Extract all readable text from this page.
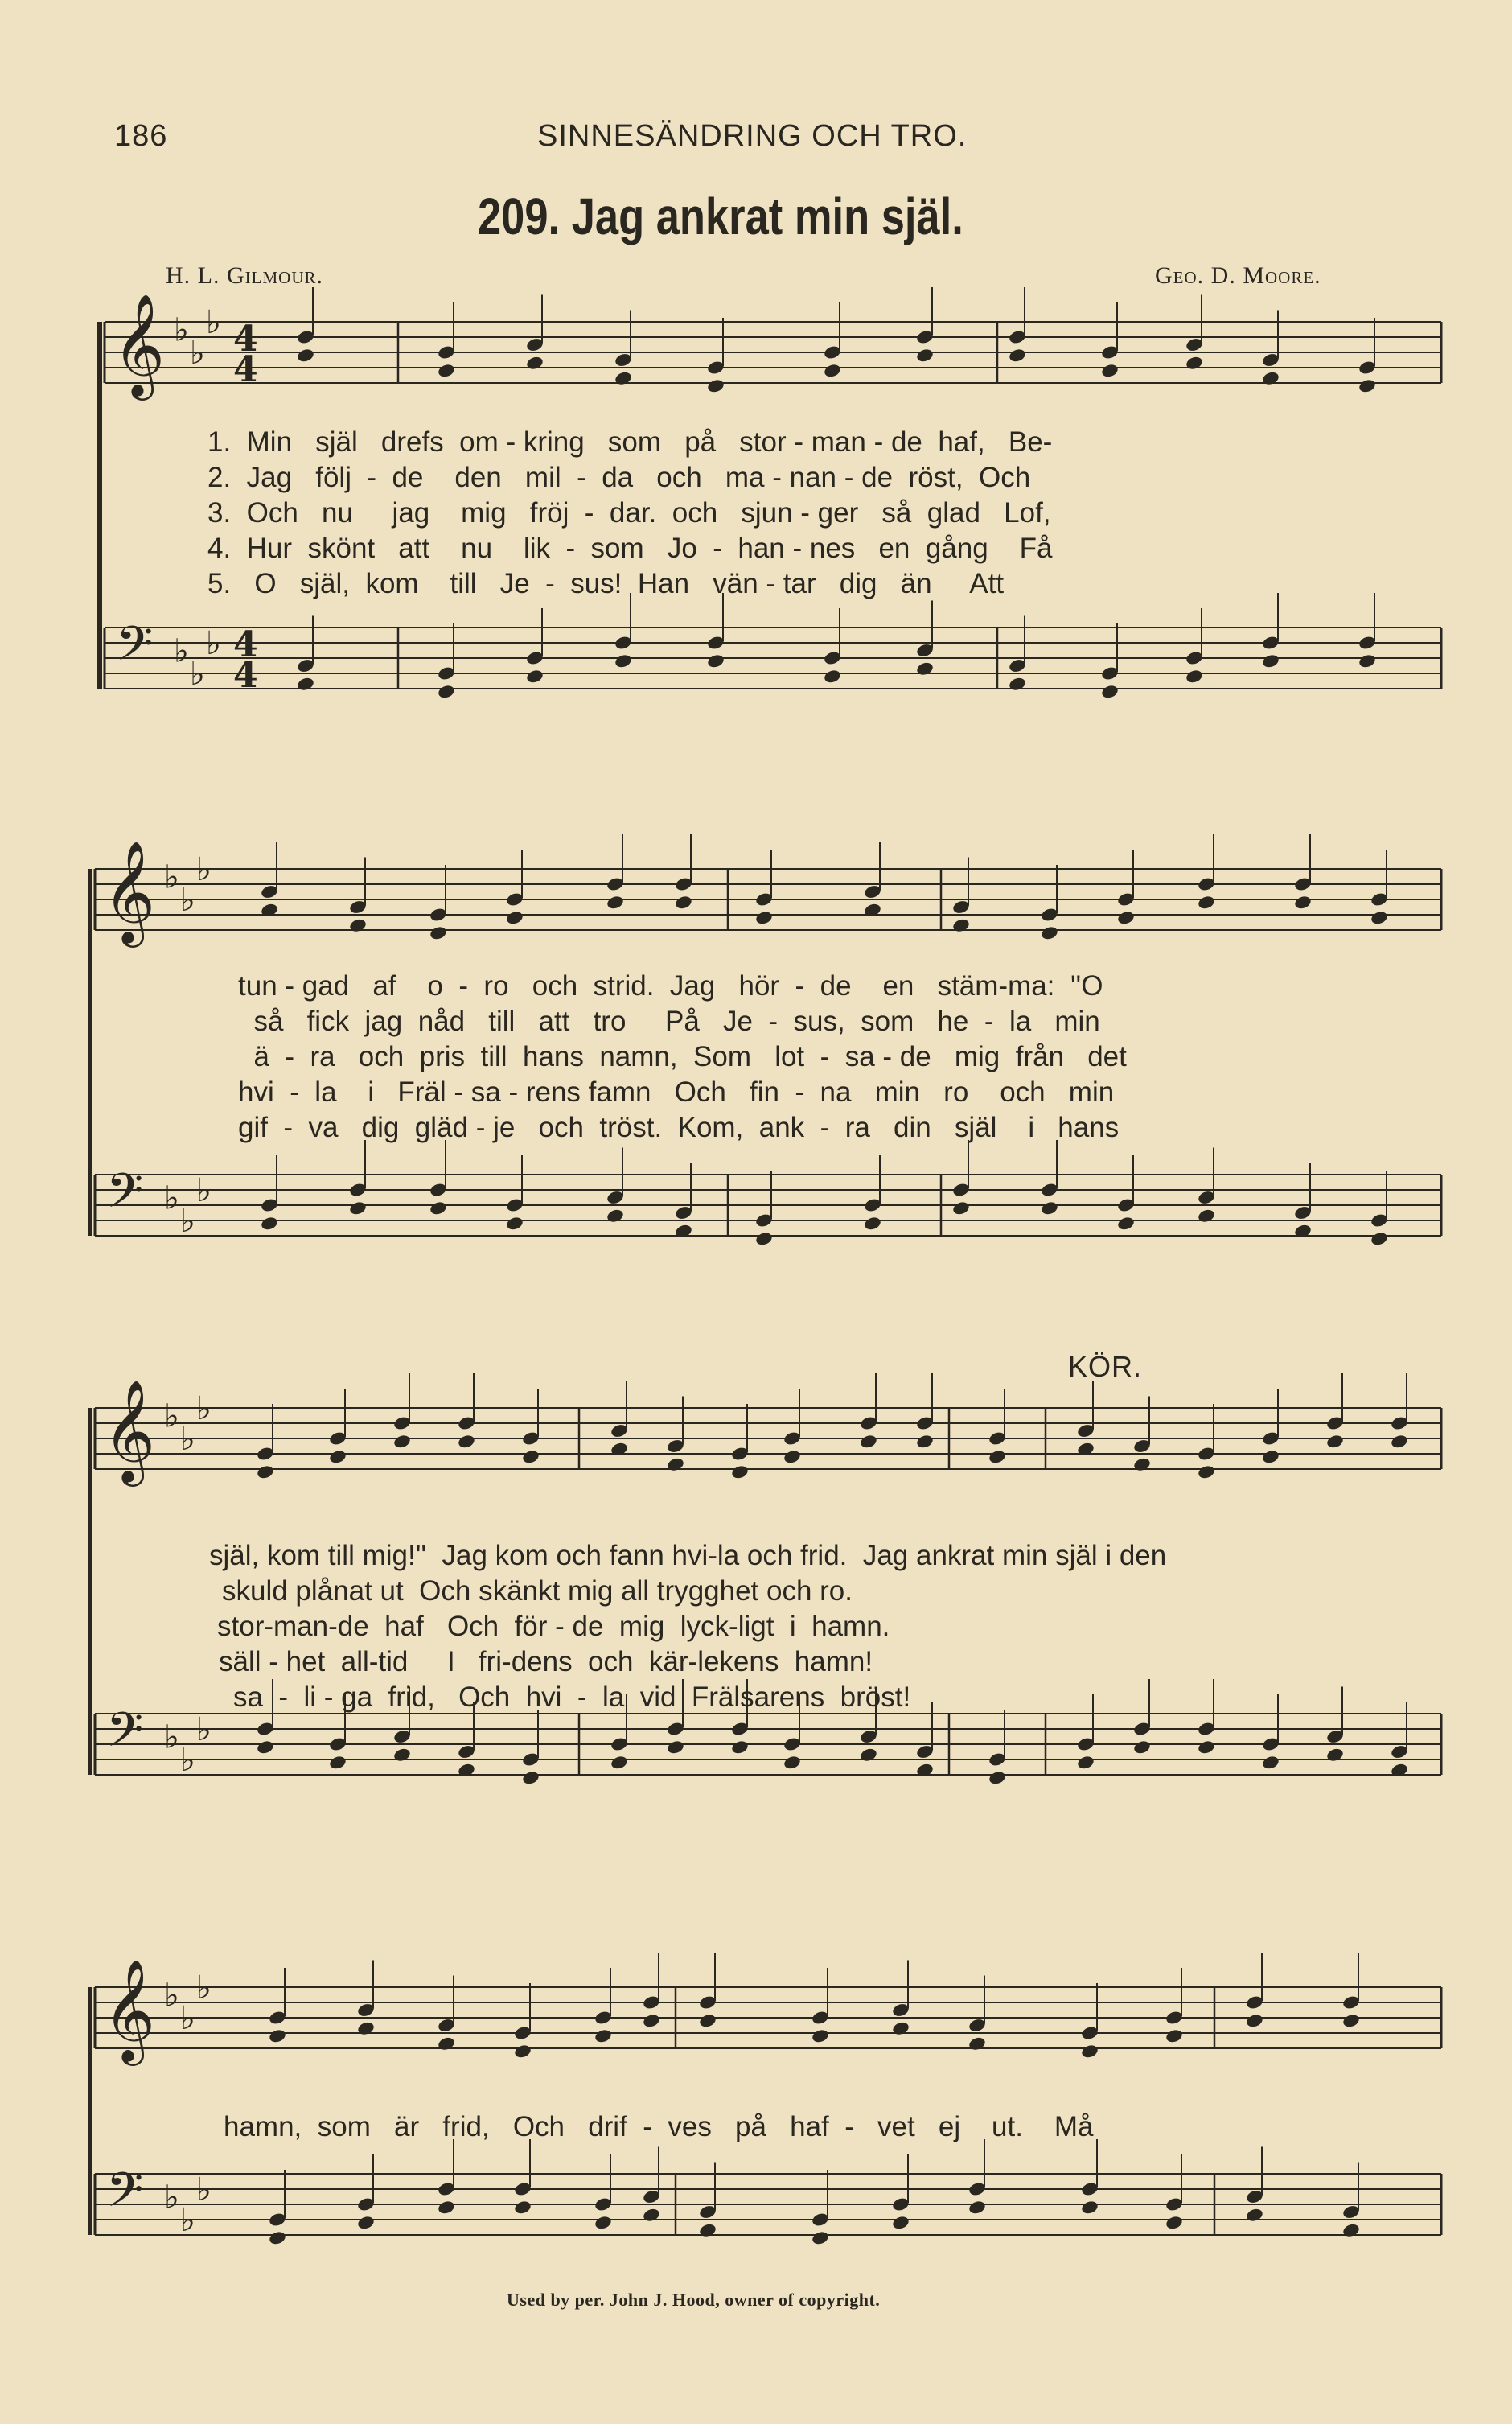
186	SINNESÄNDRING OCH TRO.
209. Jag ankrat min själ.
H. L. Gilmour.	Geo. D. Moore.
𝄞
𝄢
♭
♭
♭
♭
♭
♭
4
4
4
4
𝄞
𝄢
♭
♭
♭
♭
♭
♭
𝄞
𝄢
♭
♭
♭
♭
♭
♭
𝄞
𝄢
♭
♭
♭
♭
♭
♭
1.  Min   själ   drefs  om - kring   som   på   stor - man - de  haf,   Be-
2.  Jag   följ  -  de    den   mil  -  da   och   ma - nan - de  röst,  Och
3.  Och   nu     jag    mig   fröj  -  dar.  och   sjun - ger   så  glad   Lof,
4.  Hur  skönt   att    nu    lik  -  som   Jo  -  han - nes   en  gång    Få
5.   O   själ,  kom    till   Je  -  sus!  Han   vän - tar   dig   än     Att
tun - gad   af    o  -  ro   och  strid.  Jag   hör  -  de    en   stäm-ma:  ''O
så   fick  jag  nåd   till   att   tro     På   Je  -  sus,  som   he  -  la   min
ä  -  ra   och  pris  till  hans  namn,  Som   lot  -  sa - de   mig  från   det
hvi  -  la    i   Fräl - sa - rens famn   Och   fin  -  na   min   ro    och   min
gif  -  va   dig  gläd - je   och  tröst.  Kom,  ank  -  ra   din   själ    i   hans
KÖR.
själ, kom till mig!''  Jag kom och fann hvi-la och frid.  Jag ankrat min själ i den
skuld plånat ut  Och skänkt mig all trygghet och ro.
stor-man-de  haf   Och  för - de  mig  lyck-ligt  i  hamn.
säll - het  all-tid     I   fri-dens  och  kär-lekens  hamn!
sa  -  li - ga  frid,   Och  hvi  -  la  vid  Frälsarens  bröst!
hamn,  som   är   frid,   Och   drif  -  ves   på   haf  -   vet   ej    ut.    Må
Used by per. John J. Hood, owner of copyright.
